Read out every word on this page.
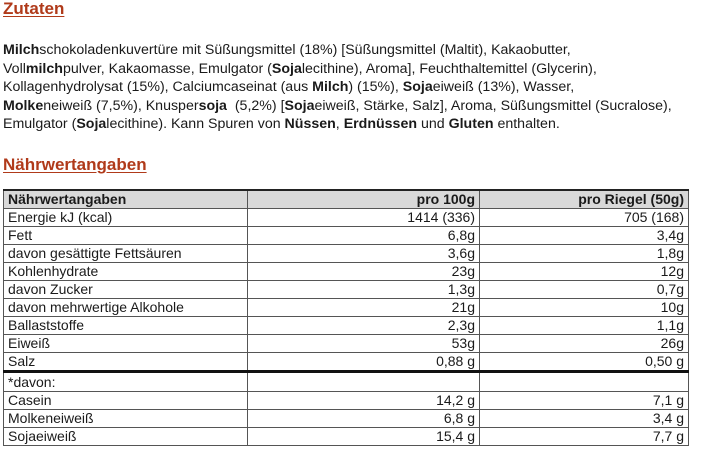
Zutaten
Milchschokoladenkuvertüre mit Süßungsmittel (18%) [Süßungsmittel (Maltit), Kakaobutter,
Vollmilchpulver, Kakaomasse, Emulgator (Sojalecithine), Aroma], Feuchthaltemittel (Glycerin),
Kollagenhydrolysat (15%), Calciumcaseinat (aus Milch) (15%), Sojaeiweiß (13%), Wasser,
Molkeneiweiß (7,5%), Knuspersoja  (5,2%) [Sojaeiweiß, Stärke, Salz], Aroma, Süßungsmittel (Sucralose),
Emulgator (Sojalecithine). Kann Spuren von Nüssen, Erdnüssen und Gluten enthalten.
Nährwertangaben
Nährwertangaben	pro 100g	pro Riegel (50g)
Energie kJ (kcal)	1414 (336)	705 (168)
Fett	6,8g	3,4g
davon gesättigte Fettsäuren	3,6g	1,8g
Kohlenhydrate	23g	12g
davon Zucker	1,3g	0,7g
davon mehrwertige Alkohole	21g	10g
Ballaststoffe	2,3g	1,1g
Eiweiß	53g	26g
Salz	0,88 g	0,50 g
*davon:		
Casein	14,2 g	7,1 g
Molkeneiweiß	6,8 g	3,4 g
Sojaeiweiß	15,4 g	7,7 g
